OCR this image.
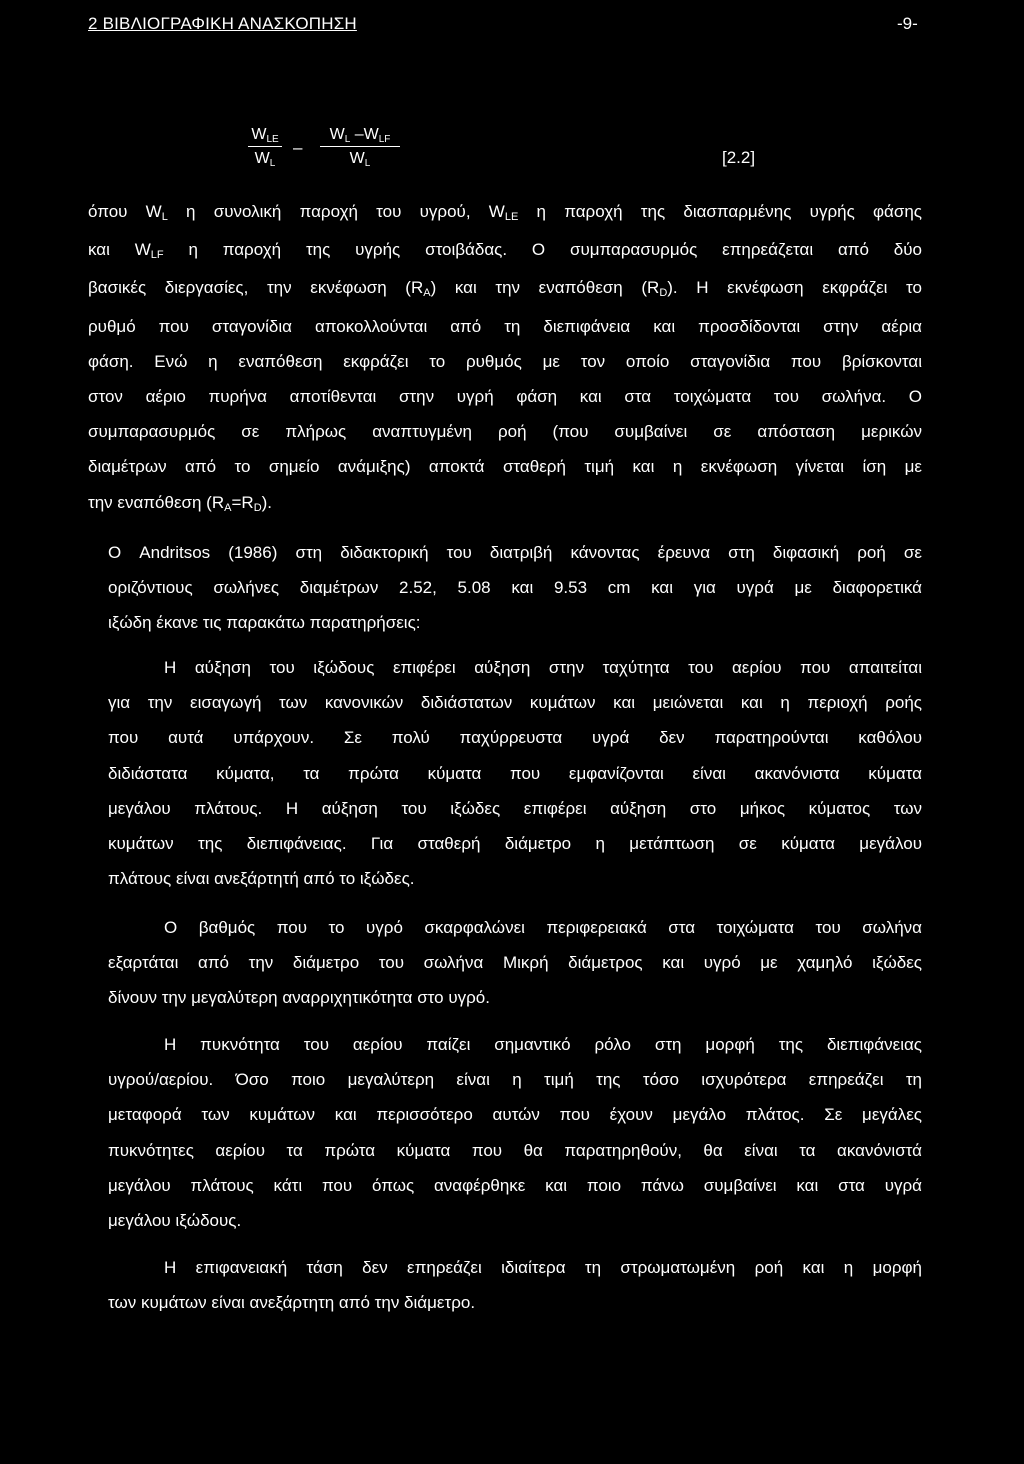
2 ΒΙΒΛΙΟΓΡΑΦΙΚΗ ΑΝΑΣΚΟΠΗΣΗ	-9-
WLE
WL
–
WL –WLF
WL	[2.2]
όπου WL η συνολική παροχή του υγρού, WLE η παροχή της διασπαρμένης υγρής φάσης
και WLF η παροχή της υγρής στοιβάδας. Ο συμπαρασυρμός επηρεάζεται από δύο
βασικές διεργασίες, την εκνέφωση (RA) και την εναπόθεση (RD). Η εκνέφωση εκφράζει το
ρυθμό που σταγονίδια αποκολλούνται από τη διεπιφάνεια και προσδίδονται στην αέρια
φάση. Ενώ η εναπόθεση εκφράζει το ρυθμός με τον οποίο σταγονίδια που βρίσκονται
στον αέριο πυρήνα αποτίθενται στην υγρή φάση και στα τοιχώματα του σωλήνα. Ο
συμπαρασυρμός σε πλήρως αναπτυγμένη ροή (που συμβαίνει σε απόσταση μερικών
διαμέτρων από το σημείο ανάμιξης) αποκτά σταθερή τιμή και η εκνέφωση γίνεται ίση με
την εναπόθεση (RA=RD).
Ο Andritsos (1986) στη διδακτορική του διατριβή κάνοντας έρευνα στη διφασική ροή σε
οριζόντιους σωλήνες διαμέτρων 2.52, 5.08 και 9.53 cm και για υγρά με διαφορετικά
ιξώδη έκανε τις παρακάτω παρατηρήσεις:
Η αύξηση του ιξώδους επιφέρει αύξηση στην ταχύτητα του αερίου που απαιτείται
για την εισαγωγή των κανονικών διδιάστατων κυμάτων και μειώνεται και η περιοχή ροής
που αυτά υπάρχουν. Σε πολύ παχύρρευστα υγρά δεν παρατηρούνται καθόλου
διδιάστατα κύματα, τα πρώτα κύματα που εμφανίζονται είναι ακανόνιστα κύματα
μεγάλου πλάτους. Η αύξηση του ιξώδες επιφέρει αύξηση στο μήκος κύματος των
κυμάτων της διεπιφάνειας. Για σταθερή διάμετρο η μετάπτωση σε κύματα μεγάλου
πλάτους είναι ανεξάρτητή από το ιξώδες.
Ο βαθμός που το υγρό σκαρφαλώνει περιφερειακά στα τοιχώματα του σωλήνα
εξαρτάται από την διάμετρο του σωλήνα Μικρή διάμετρος και υγρό με χαμηλό ιξώδες
δίνουν την μεγαλύτερη αναρριχητικότητα στο υγρό.
Η πυκνότητα του αερίου παίζει σημαντικό ρόλο στη μορφή της διεπιφάνειας
υγρού/αερίου. Όσο ποιο μεγαλύτερη είναι η τιμή της τόσο ισχυρότερα επηρεάζει τη
μεταφορά των κυμάτων και περισσότερο αυτών που έχουν μεγάλο πλάτος. Σε μεγάλες
πυκνότητες αερίου τα πρώτα κύματα που θα παρατηρηθούν, θα είναι τα ακανόνιστά
μεγάλου πλάτους κάτι που όπως αναφέρθηκε και ποιο πάνω συμβαίνει και στα υγρά
μεγάλου ιξώδους.
Η επιφανειακή τάση δεν επηρεάζει ιδιαίτερα τη στρωματωμένη ροή και η μορφή
των κυμάτων είναι ανεξάρτητη από την διάμετρο.
